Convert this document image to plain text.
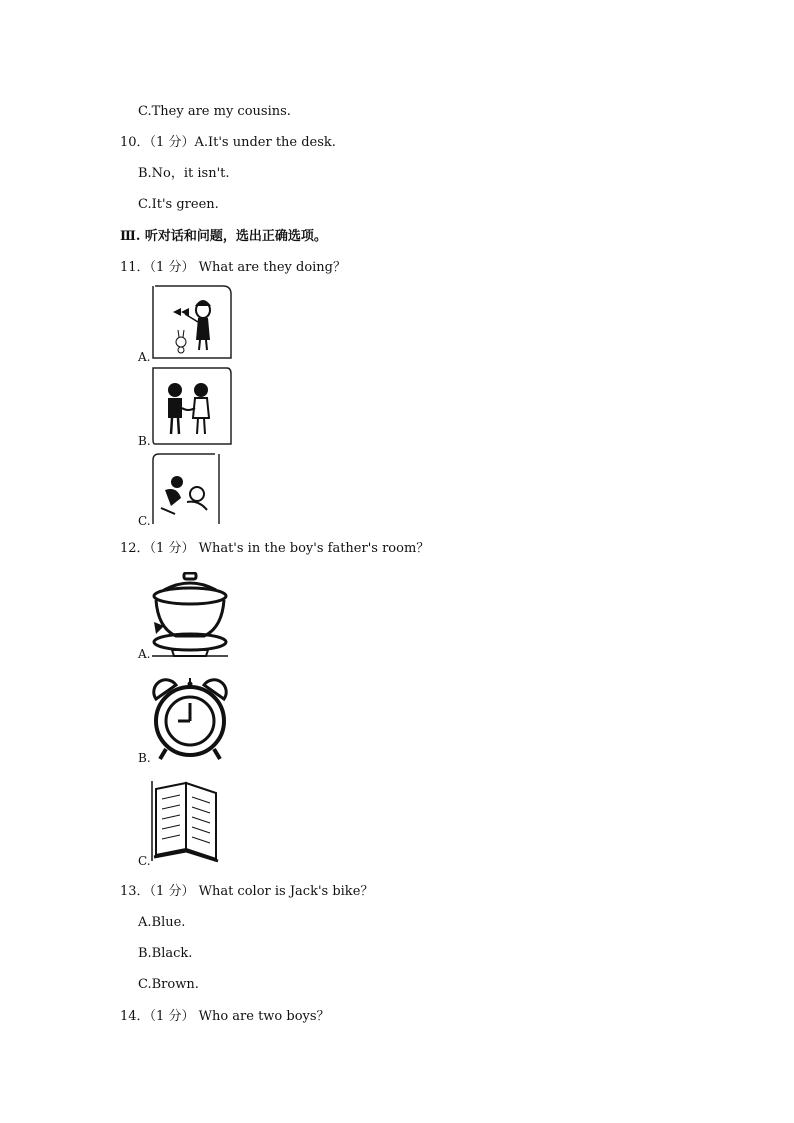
C.They are my cousins.
10．（1 分）A.It's under the desk.
B.No，it isn't.
C.It's green.
Ⅲ. 听对话和问题，选出正确选项。
11．（1 分） What are they doing？
A.
B.
C.
12．（1 分） What's in the boy's father's room？
A.
B.
C.
13．（1 分） What color is Jack's bike？
A.Blue.
B.Black.
C.Brown.
14．（1 分） Who are two boys？
